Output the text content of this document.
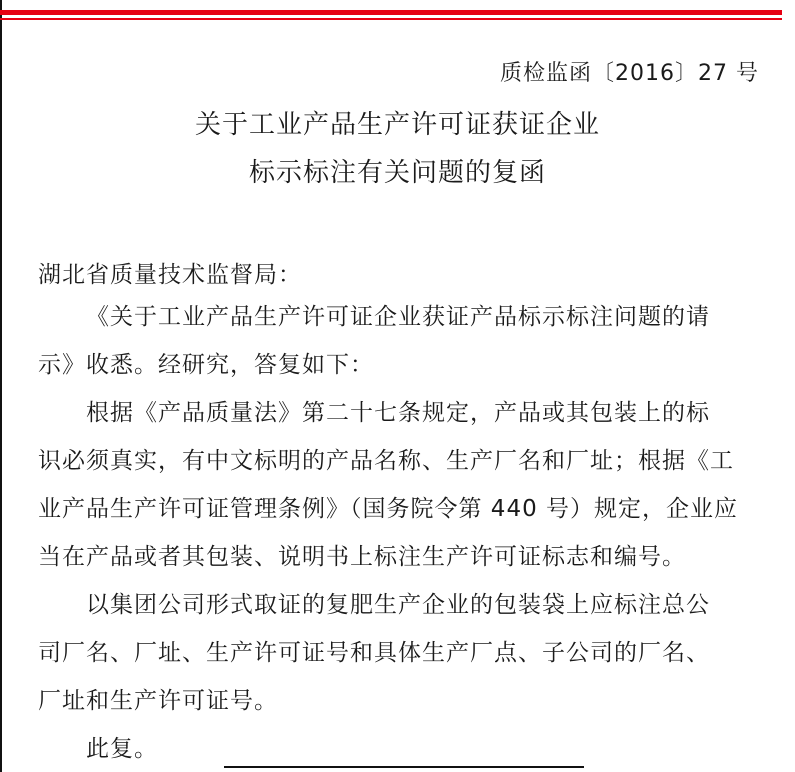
质检监函〔2016〕27 号
关于工业产品生产许可证获证企业
标示标注有关问题的复函
湖北省质量技术监督局：
《关于工业产品生产许可证企业获证产品标示标注问题的请
示》收悉。经研究，答复如下：
根据《产品质量法》第二十七条规定，产品或其包装上的标
识必须真实，有中文标明的产品名称、生产厂名和厂址；根据《工
业产品生产许可证管理条例》（国务院令第 440 号）规定，企业应
当在产品或者其包装、说明书上标注生产许可证标志和编号。
以集团公司形式取证的复肥生产企业的包装袋上应标注总公
司厂名、厂址、生产许可证号和具体生产厂点、子公司的厂名、
厂址和生产许可证号。
此复。
